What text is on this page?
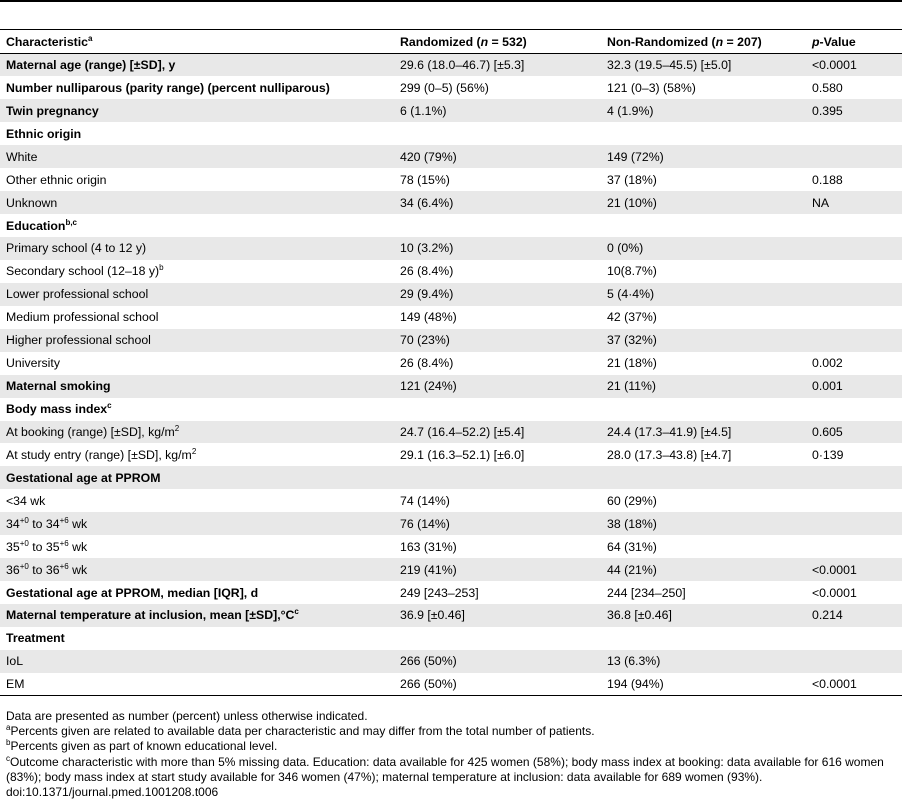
Characteristic$^a$	Randomized (n = 532)	Non-Randomized (n = 207)	p-Value
Maternal age (range) [±SD], y	29.6 (18.0–46.7) [±5.3]	32.3 (19.5–45.5) [±5.0]	<0.0001
Number nulliparous (parity range) (percent nulliparous)	299 (0–5) (56%)	121 (0–3) (58%)	0.580
Twin pregnancy	6 (1.1%)	4 (1.9%)	0.395
Ethnic origin			
White	420 (79%)	149 (72%)	
Other ethnic origin	78 (15%)	37 (18%)	0.188
Unknown	34 (6.4%)	21 (10%)	NA
Education$^{b,c}$			
Primary school (4 to 12 y)	10 (3.2%)	0 (0%)	
Secondary school (12–18 y)$^b$	26 (8.4%)	10(8.7%)	
Lower professional school	29 (9.4%)	5 (4·4%)	
Medium professional school	149 (48%)	42 (37%)	
Higher professional school	70 (23%)	37 (32%)	
University	26 (8.4%)	21 (18%)	0.002
Maternal smoking	121 (24%)	21 (11%)	0.001
Body mass index$^c$			
At booking (range) [±SD], $kg/m^2$	24.7 (16.4–52.2) [±5.4]	24.4 (17.3–41.9) [±4.5]	0.605
At study entry (range) [±SD], $kg/m^2$	29.1 (16.3–52.1) [±6.0]	28.0 (17.3–43.8) [±4.7]	0·139
Gestational age at PPROM			
<34 wk	74 (14%)	60 (29%)	
$34^{+0}$ to $34^{+6}$ wk	76 (14%)	38 (18%)	
$35^{+0}$ to $35^{+6}$ wk	163 (31%)	64 (31%)	
$36^{+0}$ to $36^{+6}$ wk	219 (41%)	44 (21%)	<0.0001
Gestational age at PPROM, median [IQR], d	249 [243–253]	244 [234–250]	<0.0001
Maternal temperature at inclusion, mean $[\pm SD],^\circ C^c$	36.9 [±0.46]	36.8 [±0.46]	0.214
Treatment			
IoL	266 (50%)	13 (6.3%)	
EM	266 (50%)	194 (94%)	<0.0001

Data are presented as number (percent) unless otherwise indicated.

$^a$Percents given are related to available data per characteristic and may differ from the total number of patients.

$^b$Percents given as part of known educational level.

$^c$Outcome characteristic with more than 5% missing data. Education: data available for 425 women (58%); body mass index at booking: data available for 616 women (83%); body mass index at start study available for 346 women (47%); maternal temperature at inclusion: data available for 689 women (93%).

doi:10.1371/journal.pmed.1001208.t006
